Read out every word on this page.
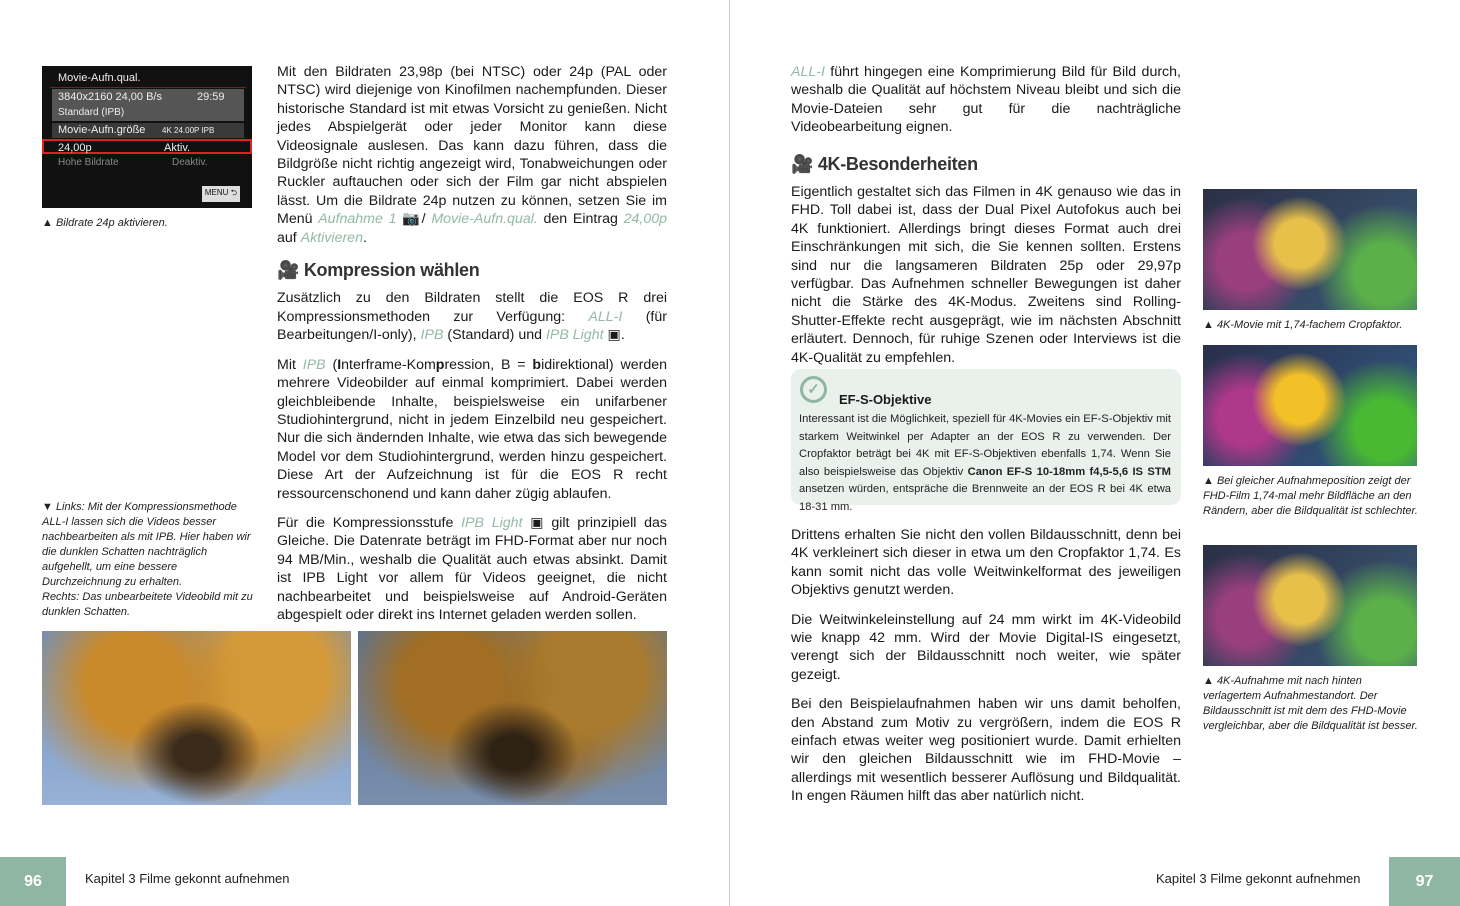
Movie-Aufn.qual.
3840x2160 24,00 B/s	29:59
Standard (IPB)
Movie-Aufn.größe 4K 24.00P IPB
24,00p	Aktiv.
Hohe Bildrate	Deaktiv.
MENU ⮌
▲ Bildrate 24p aktivieren.
▼ Links: Mit der Kompressionsmethode ALL-I lassen sich die Videos besser nachbearbeiten als mit IPB. Hier haben wir die dunklen Schatten nachträglich aufgehellt, um eine bessere Durchzeichnung zu erhalten.
Rechts: Das unbearbeitete Videobild mit zu dunklen Schatten.

Mit den Bildraten 23,98p (bei NTSC) oder 24p (PAL oder NTSC) wird diejenige von Kinofilmen nachempfunden. Dieser historische Standard ist mit etwas Vorsicht zu genießen. Nicht jedes Abspielgerät oder jeder Monitor kann diese Videosignale auslesen. Das kann dazu führen, dass die Bildgröße nicht richtig angezeigt wird, Tonabweichungen oder Ruckler auftauchen oder sich der Film gar nicht abspielen lässt. Um die Bildrate 24p nutzen zu können, setzen Sie im Menü Aufnahme 1 📷/ Movie-Aufn.qual. den Eintrag 24,00p auf Aktivieren.

🎥 Kompression wählen

Zusätzlich zu den Bildraten stellt die EOS R drei Kompressionsmethoden zur Verfügung: ALL-I (für Bearbeitungen/I-only), IPB (Standard) und IPB Light ▣.

Mit IPB (Interframe-Kompression, B = bidirektional) werden mehrere Videobilder auf einmal komprimiert. Dabei werden gleichbleibende Inhalte, beispielsweise ein unifarbener Studiohintergrund, nicht in jedem Einzelbild neu gespeichert. Nur die sich ändernden Inhalte, wie etwa das sich bewegende Model vor dem Studiohintergrund, werden hinzu gespeichert. Diese Art der Aufzeichnung ist für die EOS R recht ressourcenschonend und kann daher zügig ablaufen.

Für die Kompressionsstufe IPB Light ▣ gilt prinzipiell das Gleiche. Die Datenrate beträgt im FHD-Format aber nur noch 94 MB/Min., weshalb die Qualität auch etwas absinkt. Damit ist IPB Light vor allem für Videos geeignet, die nicht nachbearbeitet und beispielsweise auf Android-Geräten abgespielt oder direkt ins Internet geladen werden sollen.

96	Kapitel 3 Filme gekonnt aufnehmen

ALL-I führt hingegen eine Komprimierung Bild für Bild durch, weshalb die Qualität auf höchstem Niveau bleibt und sich die Movie-Dateien sehr gut für die nachträgliche Videobearbeitung eignen.

🎥 4K-Besonderheiten

Eigentlich gestaltet sich das Filmen in 4K genauso wie das in FHD. Toll dabei ist, dass der Dual Pixel Autofokus auch bei 4K funktioniert. Allerdings bringt dieses Format auch drei Einschränkungen mit sich, die Sie kennen sollten. Erstens sind nur die langsameren Bildraten 25p oder 29,97p verfügbar. Das Aufnehmen schneller Bewegungen ist daher nicht die Stärke des 4K-Modus. Zweitens sind Rolling-Shutter-Effekte recht ausgeprägt, wie im nächsten Abschnitt erläutert. Dennoch, für ruhige Szenen oder Interviews ist die 4K-Qualität zu empfehlen.

✓
EF-S-Objektive
Interessant ist die Möglichkeit, speziell für 4K-Movies ein EF-S-Objektiv mit starkem Weitwinkel per Adapter an der EOS R zu verwenden. Der Cropfaktor beträgt bei 4K mit EF-S-Objektiven ebenfalls 1,74. Wenn Sie also beispielsweise das Objektiv Canon EF-S 10-18mm f4,5-5,6 IS STM ansetzen würden, entspräche die Brennweite an der EOS R bei 4K etwa 18-31 mm.

Drittens erhalten Sie nicht den vollen Bildausschnitt, denn bei 4K verkleinert sich dieser in etwa um den Cropfaktor 1,74. Es kann somit nicht das volle Weitwinkelformat des jeweiligen Objektivs genutzt werden.

Die Weitwinkeleinstellung auf 24 mm wirkt im 4K-Videobild wie knapp 42 mm. Wird der Movie Digital-IS eingesetzt, verengt sich der Bildausschnitt noch weiter, wie später gezeigt.

Bei den Beispielaufnahmen haben wir uns damit beholfen, den Abstand zum Motiv zu vergrößern, indem die EOS R einfach etwas weiter weg positioniert wurde. Damit erhielten wir den gleichen Bildausschnitt wie im FHD-Movie – allerdings mit wesentlich besserer Auflösung und Bildqualität. In engen Räumen hilft das aber natürlich nicht.

▲ 4K-Movie mit 1,74-fachem Cropfaktor.
▲ Bei gleicher Aufnahmeposition zeigt der FHD-Film 1,74-mal mehr Bildfläche an den Rändern, aber die Bildqualität ist schlechter.
▲ 4K-Aufnahme mit nach hinten verlagertem Aufnahmestandort. Der Bildausschnitt ist mit dem des FHD-Movie vergleichbar, aber die Bildqualität ist besser.
Kapitel 3 Filme gekonnt aufnehmen	97
